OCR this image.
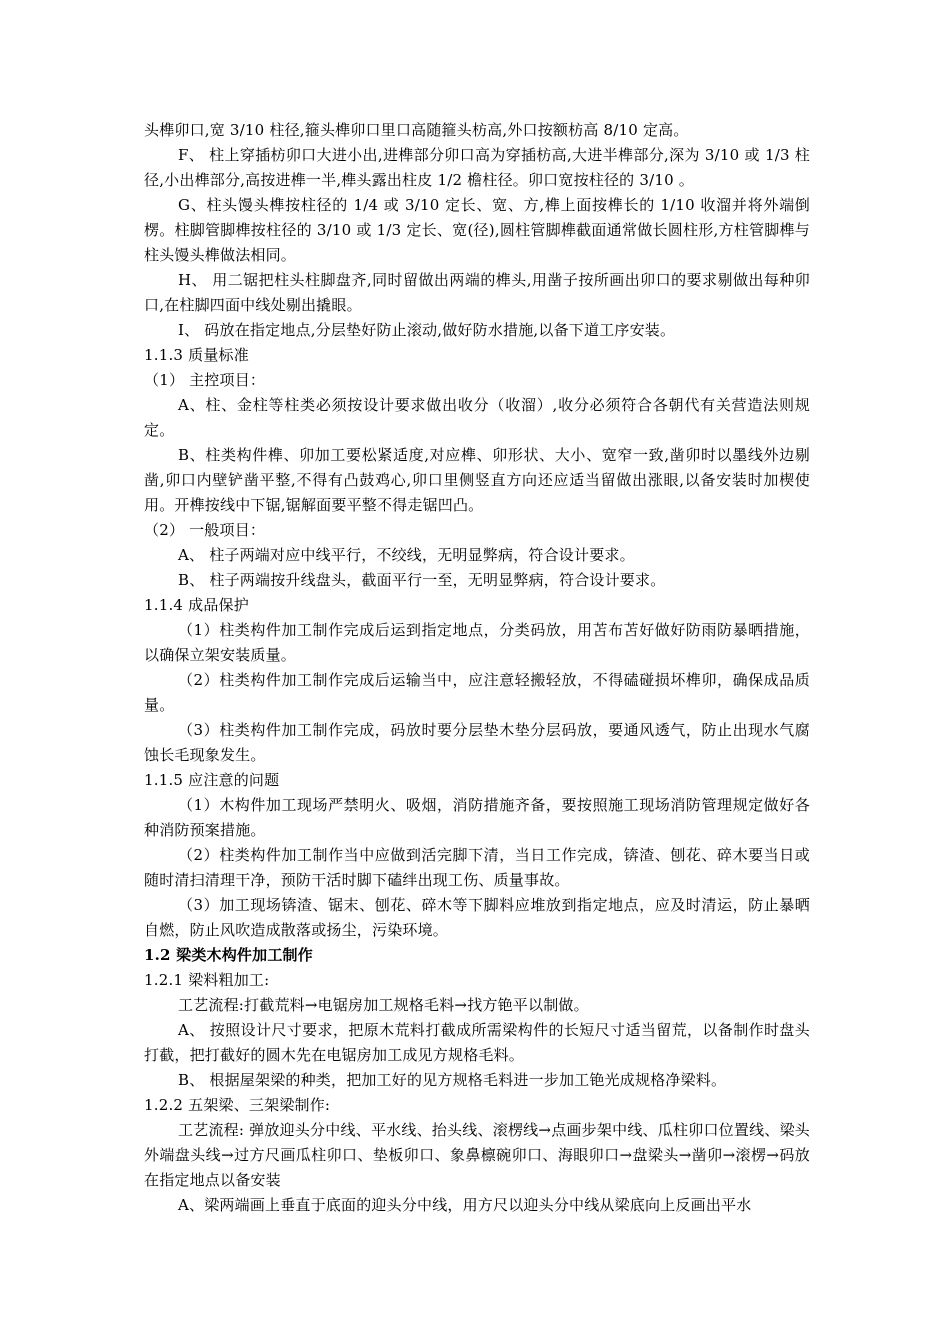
头榫卯口,宽 3/10 柱径,箍头榫卯口里口高随箍头枋高,外口按额枋高 8/10 定高。

F、 柱上穿插枋卯口大进小出,进榫部分卯口高为穿插枋高,大进半榫部分,深为 3/10 或 1/3 柱径,小出榫部分,高按进榫一半,榫头露出柱皮 1/2 檐柱径。卯口宽按柱径的 3/10 。

G、柱头馒头榫按柱径的 1/4 或 3/10 定长、宽、方,榫上面按榫长的 1/10 收溜并将外端倒楞。柱脚管脚榫按柱径的 3/10 或 1/3 定长、宽(径),圆柱管脚榫截面通常做长圆柱形,方柱管脚榫与柱头馒头榫做法相同。

H、 用二锯把柱头柱脚盘齐,同时留做出两端的榫头,用凿子按所画出卯口的要求剔做出每种卯口,在柱脚四面中线处剔出撬眼。

I、 码放在指定地点,分层垫好防止滚动,做好防水措施,以备下道工序安装。

1.1.3 质量标准

（1） 主控项目：

A、柱、金柱等柱类必须按设计要求做出收分（收溜）,收分必须符合各朝代有关营造法则规定。

B、柱类构件榫、卯加工要松紧适度,对应榫、卯形状、大小、宽窄一致,凿卯时以墨线外边剔凿,卯口内壁铲凿平整,不得有凸鼓鸡心,卯口里侧竖直方向还应适当留做出涨眼,以备安装时加楔使用。开榫按线中下锯,锯解面要平整不得走锯凹凸。

（2） 一般项目：

A、 柱子两端对应中线平行，不绞线，无明显弊病，符合设计要求。

B、 柱子两端按升线盘头，截面平行一至，无明显弊病，符合设计要求。

1.1.4 成品保护

（1）柱类构件加工制作完成后运到指定地点，分类码放，用苫布苫好做好防雨防暴晒措施，以确保立架安装质量。

（2）柱类构件加工制作完成后运输当中，应注意轻搬轻放，不得磕碰损坏榫卯，确保成品质量。

（3）柱类构件加工制作完成，码放时要分层垫木垫分层码放，要通风透气，防止出现水气腐蚀长毛现象发生。

1.1.5 应注意的问题

（1）木构件加工现场严禁明火、吸烟，消防措施齐备，要按照施工现场消防管理规定做好各种消防预案措施。

（2）柱类构件加工制作当中应做到活完脚下清，当日工作完成，锛渣、刨花、碎木要当日或随时清扫清理干净，预防干活时脚下磕绊出现工伤、质量事故。

（3）加工现场锛渣、锯末、刨花、碎木等下脚料应堆放到指定地点，应及时清运，防止暴晒自燃，防止风吹造成散落或扬尘，污染环境。

1.2 梁类木构件加工制作

1.2.1 梁料粗加工:

工艺流程:打截荒料→电锯房加工规格毛料→找方铯平以制做。

A、 按照设计尺寸要求，把原木荒料打截成所需梁构件的长短尺寸适当留荒，以备制作时盘头打截，把打截好的圆木先在电锯房加工成见方规格毛料。

B、 根据屋架梁的种类，把加工好的见方规格毛料进一步加工铯光成规格净梁料。

1.2.2 五架梁、三架梁制作:

工艺流程: 弹放迎头分中线、平水线、抬头线、滚楞线→点画步架中线、瓜柱卯口位置线、梁头外端盘头线→过方尺画瓜柱卯口、垫板卯口、象鼻檩碗卯口、海眼卯口→盘梁头→凿卯→滚楞→码放在指定地点以备安装

A、梁两端画上垂直于底面的迎头分中线，用方尺以迎头分中线从梁底向上反画出平水
